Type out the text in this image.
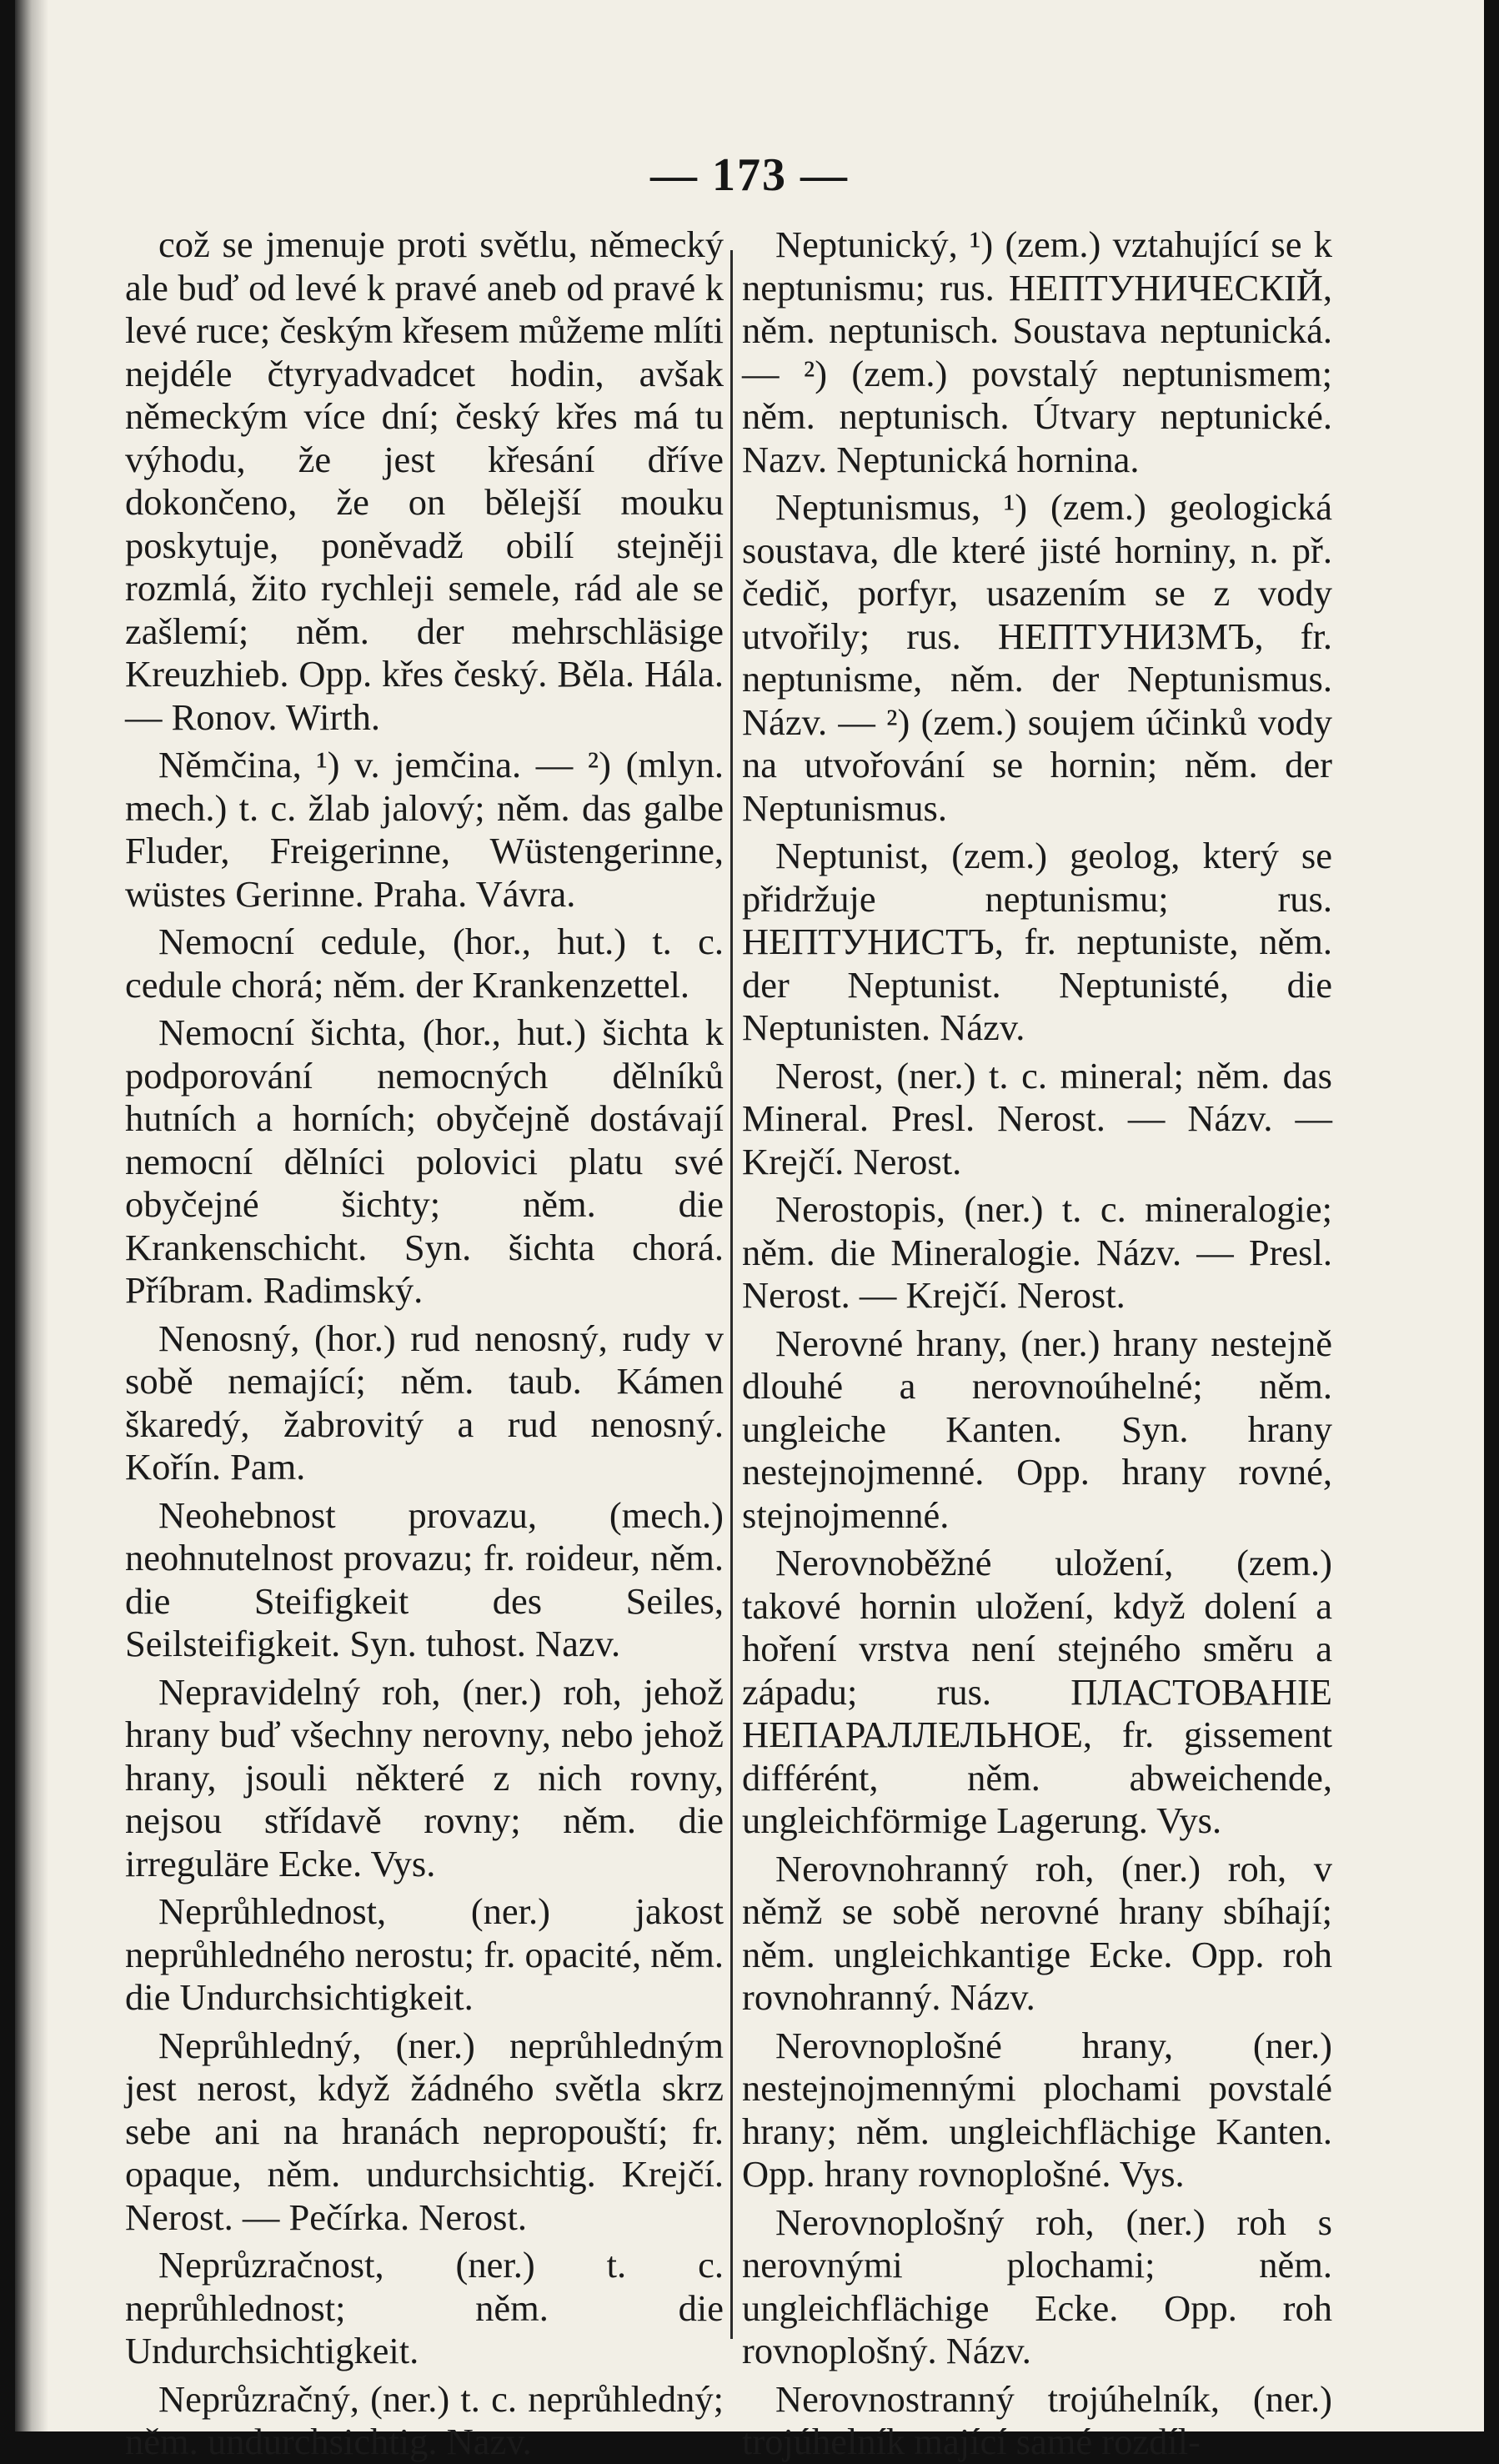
— 173 —

což se jmenuje proti světlu, německý ale buď od levé k pravé aneb od pravé k levé ruce; českým křesem můžeme mlíti nejdéle čtyryadvadcet hodin, avšak německým více dní; český křes má tu výhodu, že jest křesání dříve dokončeno, že on bělejší mouku poskytuje, poněvadž obilí stejněji rozmlá, žito rychleji semele, rád ale se zašlemí; něm. der mehrschläsige Kreuzhieb. Opp. křes český. Běla. Hála. — Ronov. Wirth.

Němčina, ¹) v. jemčina. — ²) (mlyn. mech.) t. c. žlab jalový; něm. das galbe Fluder, Freigerinne, Wüstengerinne, wüstes Gerinne. Praha. Vávra.

Nemocní cedule, (hor., hut.) t. c. cedule chorá; něm. der Krankenzettel.

Nemocní šichta, (hor., hut.) šichta k podporování nemocných dělníků hutních a horních; obyčejně dostávají nemocní dělníci polovici platu své obyčejné šichty; něm. die Krankenschicht. Syn. šichta chorá. Příbram. Radimský.

Nenosný, (hor.) rud nenosný, rudy v sobě nemající; něm. taub. Kámen škaredý, žabrovitý a rud nenosný. Kořín. Pam.

Neohebnost provazu, (mech.) neohnutelnost provazu; fr. roideur, něm. die Steifigkeit des Seiles, Seilsteifigkeit. Syn. tuhost. Nazv.

Nepravidelný roh, (ner.) roh, jehož hrany buď všechny nerovny, nebo jehož hrany, jsouli některé z nich rovny, nejsou střídavě rovny; něm. die irreguläre Ecke. Vys.

Neprůhlednost, (ner.) jakost neprůhledného nerostu; fr. opacité, něm. die Undurchsichtigkeit.

Neprůhledný, (ner.) neprůhledným jest nerost, když žádného světla skrz sebe ani na hranách nepropouští; fr. opaque, něm. undurchsichtig. Krejčí. Nerost. — Pečírka. Nerost.

Neprůzračnost, (ner.) t. c. neprůhlednost; něm. die Undurchsichtigkeit.

Neprůzračný, (ner.) t. c. neprůhledný; něm. undurchsichtig. Nazv.

Neptunický, ¹) (zem.) vztahující se k neptunismu; rus. НЕПТУНИЧЕСКІЙ, něm. neptunisch. Soustava neptunická. — ²) (zem.) povstalý neptunismem; něm. neptunisch. Útvary neptunické. Nazv. Neptunická hornina.

Neptunismus, ¹) (zem.) geologická soustava, dle které jisté horniny, n. př. čedič, porfyr, usazením se z vody utvořily; rus. НЕПТУНИЗМЪ, fr. neptunisme, něm. der Neptunismus. Názv. — ²) (zem.) soujem účinků vody na utvořování se hornin; něm. der Neptunismus.

Neptunist, (zem.) geolog, který se přidržuje neptunismu; rus. НЕПТУНИСТЪ, fr. neptuniste, něm. der Neptunist. Neptunisté, die Neptunisten. Názv.

Nerost, (ner.) t. c. mineral; něm. das Mineral. Presl. Nerost. — Názv. — Krejčí. Nerost.

Nerostopis, (ner.) t. c. mineralogie; něm. die Mineralogie. Názv. — Presl. Nerost. — Krejčí. Nerost.

Nerovné hrany, (ner.) hrany nestejně dlouhé a nerovnoúhelné; něm. ungleiche Kanten. Syn. hrany nestejnojmenné. Opp. hrany rovné, stejnojmenné.

Nerovnoběžné uložení, (zem.) takové hornin uložení, když dolení a hoření vrstva není stejného směru a západu; rus. ПЛАСТОВАНІЕ НЕПАРАЛЛЕЛЬНОЕ, fr. gissement différént, něm. abweichende, ungleichförmige Lagerung. Vys.

Nerovnohranný roh, (ner.) roh, v němž se sobě nerovné hrany sbíhají; něm. ungleichkantige Ecke. Opp. roh rovnohranný. Názv.

Nerovnoplošné hrany, (ner.) nestejnojmennými plochami povstalé hrany; něm. ungleichflächige Kanten. Opp. hrany rovnoplošné. Vys.

Nerovnoplošný roh, (ner.) roh s nerovnými plochami; něm. ungleichflächige Ecke. Opp. roh rovnoplošný. Názv.

Nerovnostranný trojúhelník, (ner.) trojúhelník mající samé rozdíl-
